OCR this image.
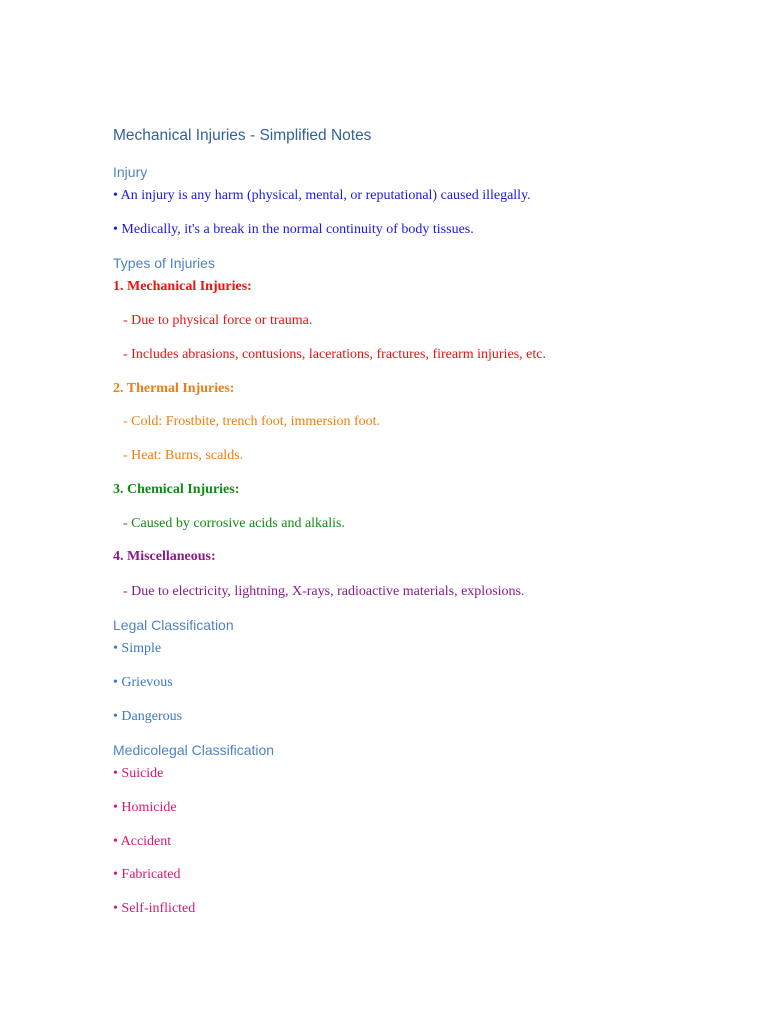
Mechanical Injuries - Simplified Notes
Injury
• An injury is any harm (physical, mental, or reputational) caused illegally.
• Medically, it's a break in the normal continuity of body tissues.
Types of Injuries
1. Mechanical Injuries:
- Due to physical force or trauma.
- Includes abrasions, contusions, lacerations, fractures, firearm injuries, etc.
2. Thermal Injuries:
- Cold: Frostbite, trench foot, immersion foot.
- Heat: Burns, scalds.
3. Chemical Injuries:
- Caused by corrosive acids and alkalis.
4. Miscellaneous:
- Due to electricity, lightning, X-rays, radioactive materials, explosions.
Legal Classification
• Simple
• Grievous
• Dangerous
Medicolegal Classification
• Suicide
• Homicide
• Accident
• Fabricated
• Self-inflicted
